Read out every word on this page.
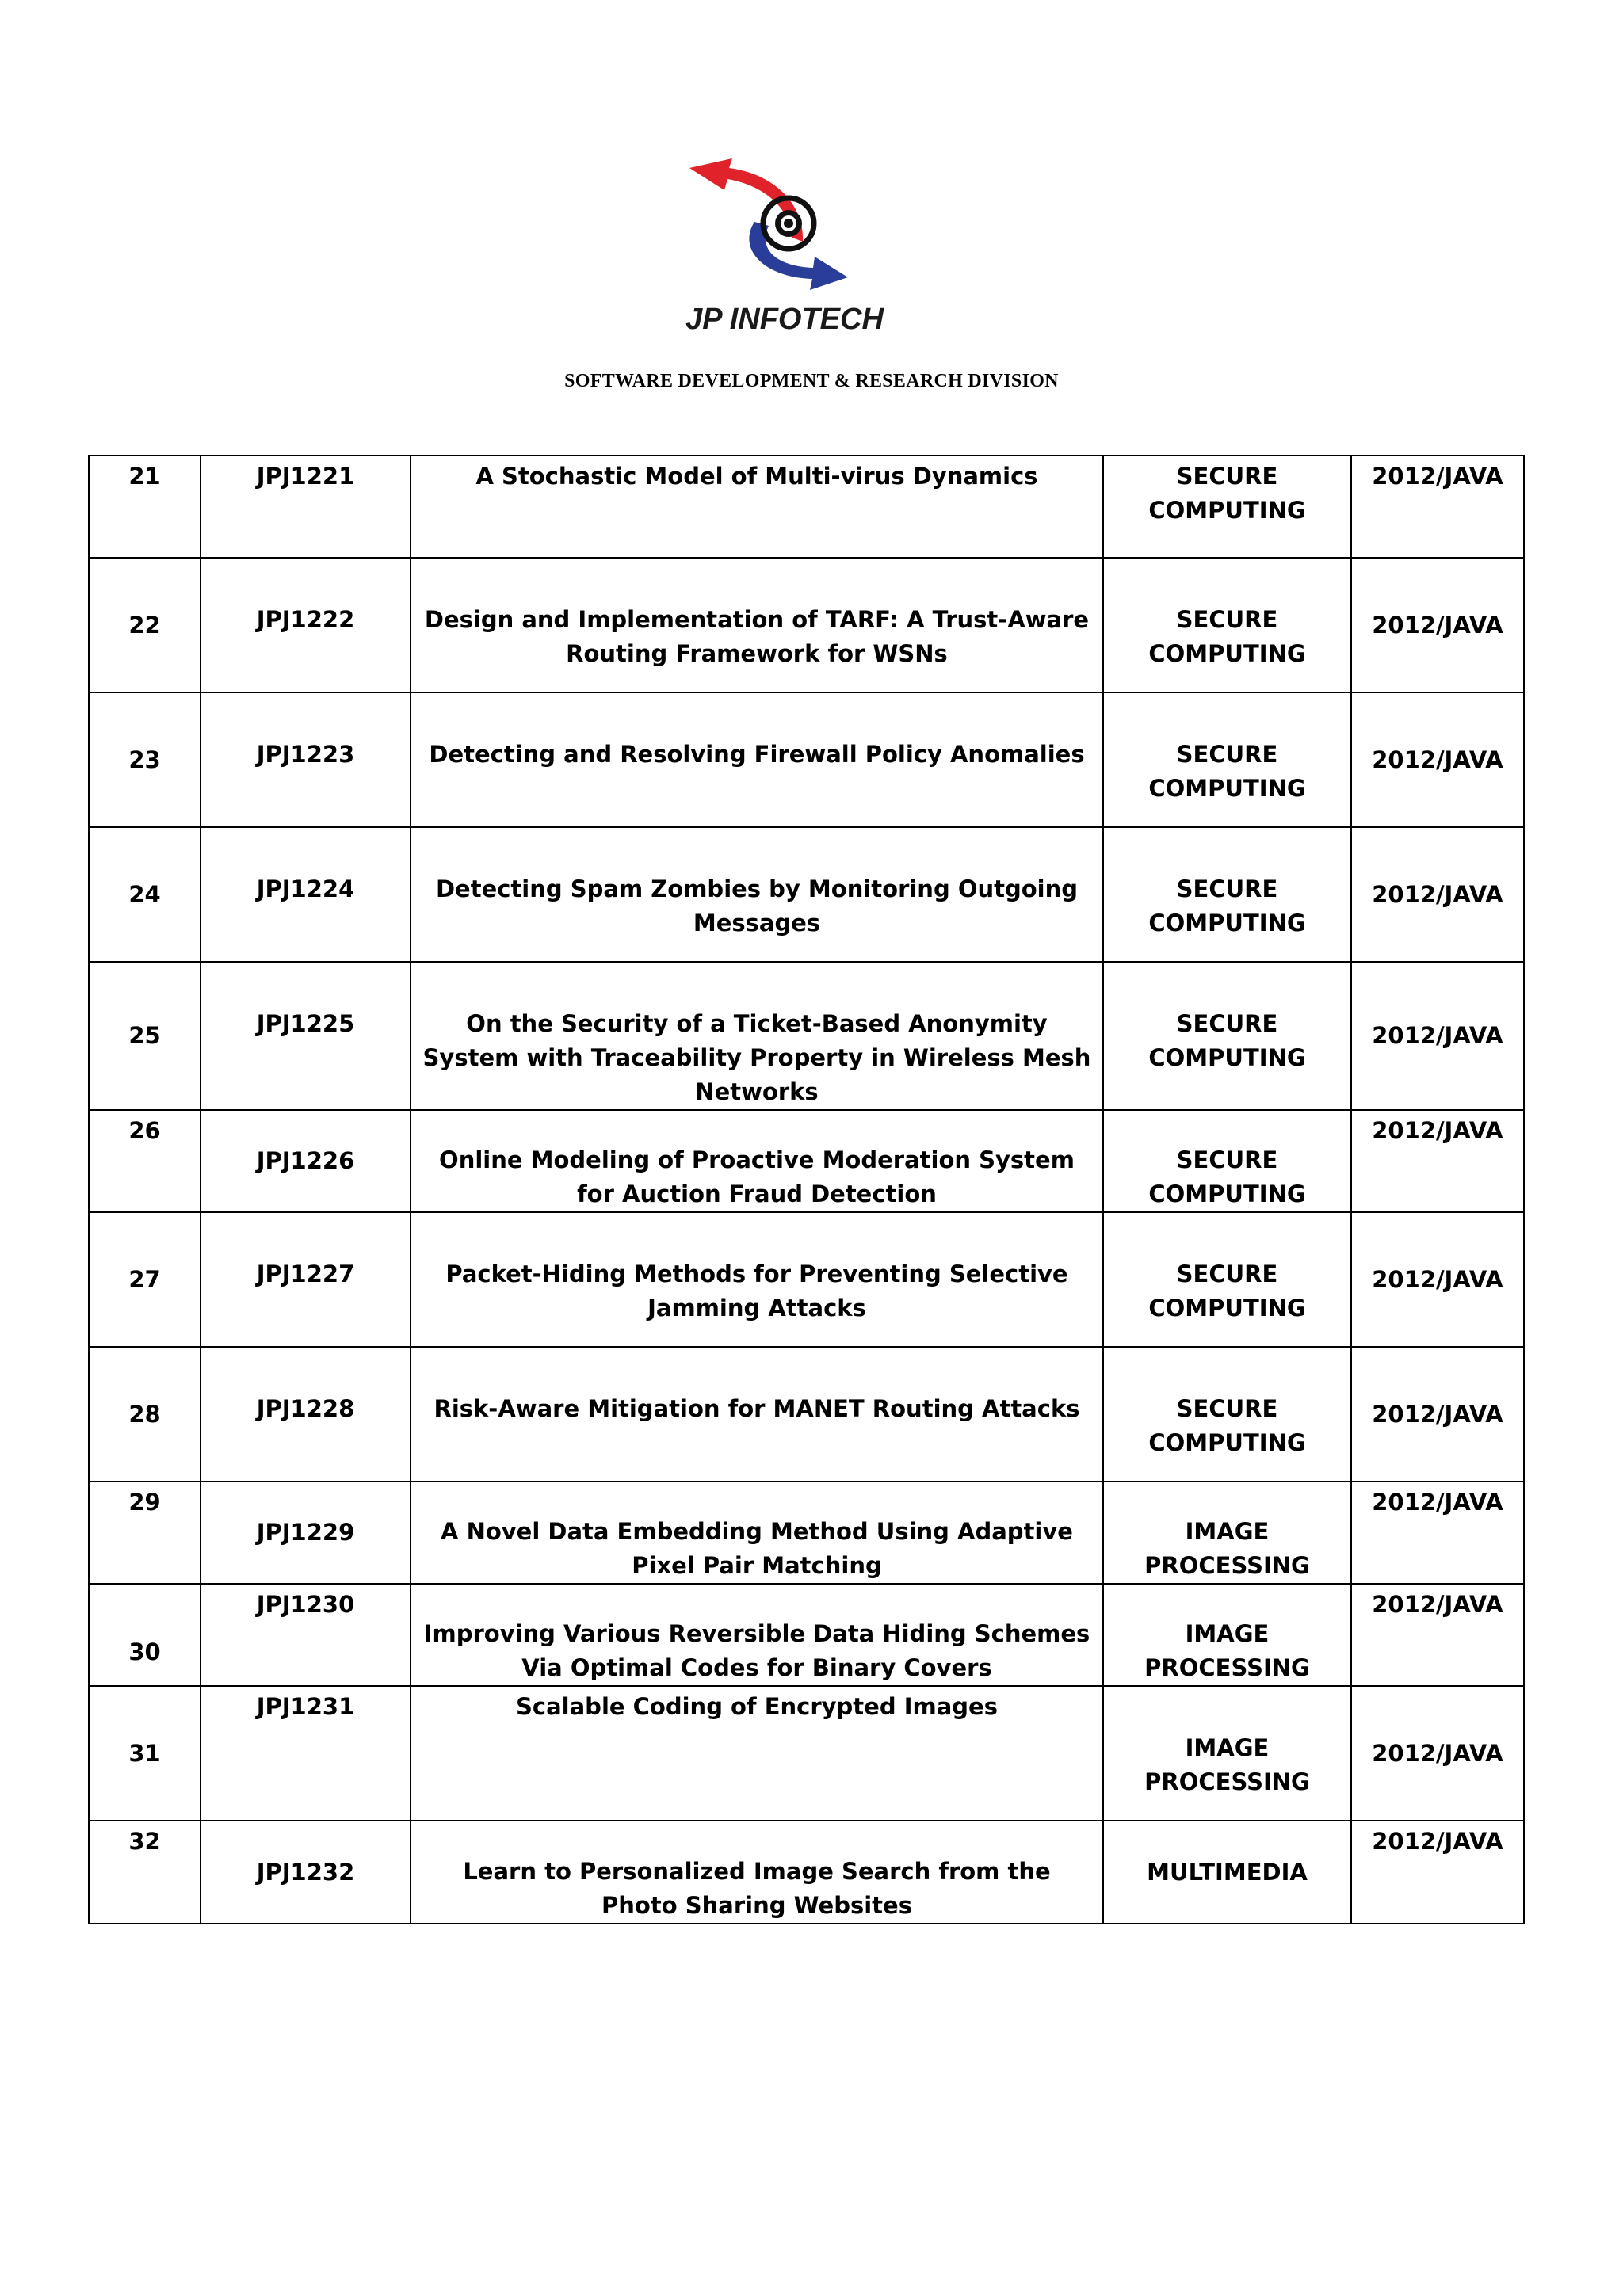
JP INFOTECH
SOFTWARE DEVELOPMENT & RESEARCH DIVISION
21	JPJ1221	A Stochastic Model of Multi-virus Dynamics	SECURE COMPUTING	2012/JAVA
22	JPJ1222	Design and Implementation of TARF: A Trust-Aware Routing Framework for WSNs	SECURE COMPUTING	2012/JAVA
23	JPJ1223	Detecting and Resolving Firewall Policy Anomalies	SECURE COMPUTING	2012/JAVA
24	JPJ1224	Detecting Spam Zombies by Monitoring Outgoing Messages	SECURE COMPUTING	2012/JAVA
25	JPJ1225	On the Security of a Ticket-Based Anonymity System with Traceability Property in Wireless Mesh Networks	SECURE COMPUTING	2012/JAVA
26	JPJ1226	Online Modeling of Proactive Moderation System for Auction Fraud Detection	SECURE COMPUTING	2012/JAVA
27	JPJ1227	Packet-Hiding Methods for Preventing Selective Jamming Attacks	SECURE COMPUTING	2012/JAVA
28	JPJ1228	Risk-Aware Mitigation for MANET Routing Attacks	SECURE COMPUTING	2012/JAVA
29	JPJ1229	A Novel Data Embedding Method Using Adaptive Pixel Pair Matching	IMAGE PROCESSING	2012/JAVA
30	JPJ1230	Improving Various Reversible Data Hiding Schemes Via Optimal Codes for Binary Covers	IMAGE PROCESSING	2012/JAVA
31	JPJ1231	Scalable Coding of Encrypted Images	IMAGE PROCESSING	2012/JAVA
32	JPJ1232	Learn to Personalized Image Search from the Photo Sharing Websites	MULTIMEDIA	2012/JAVA
